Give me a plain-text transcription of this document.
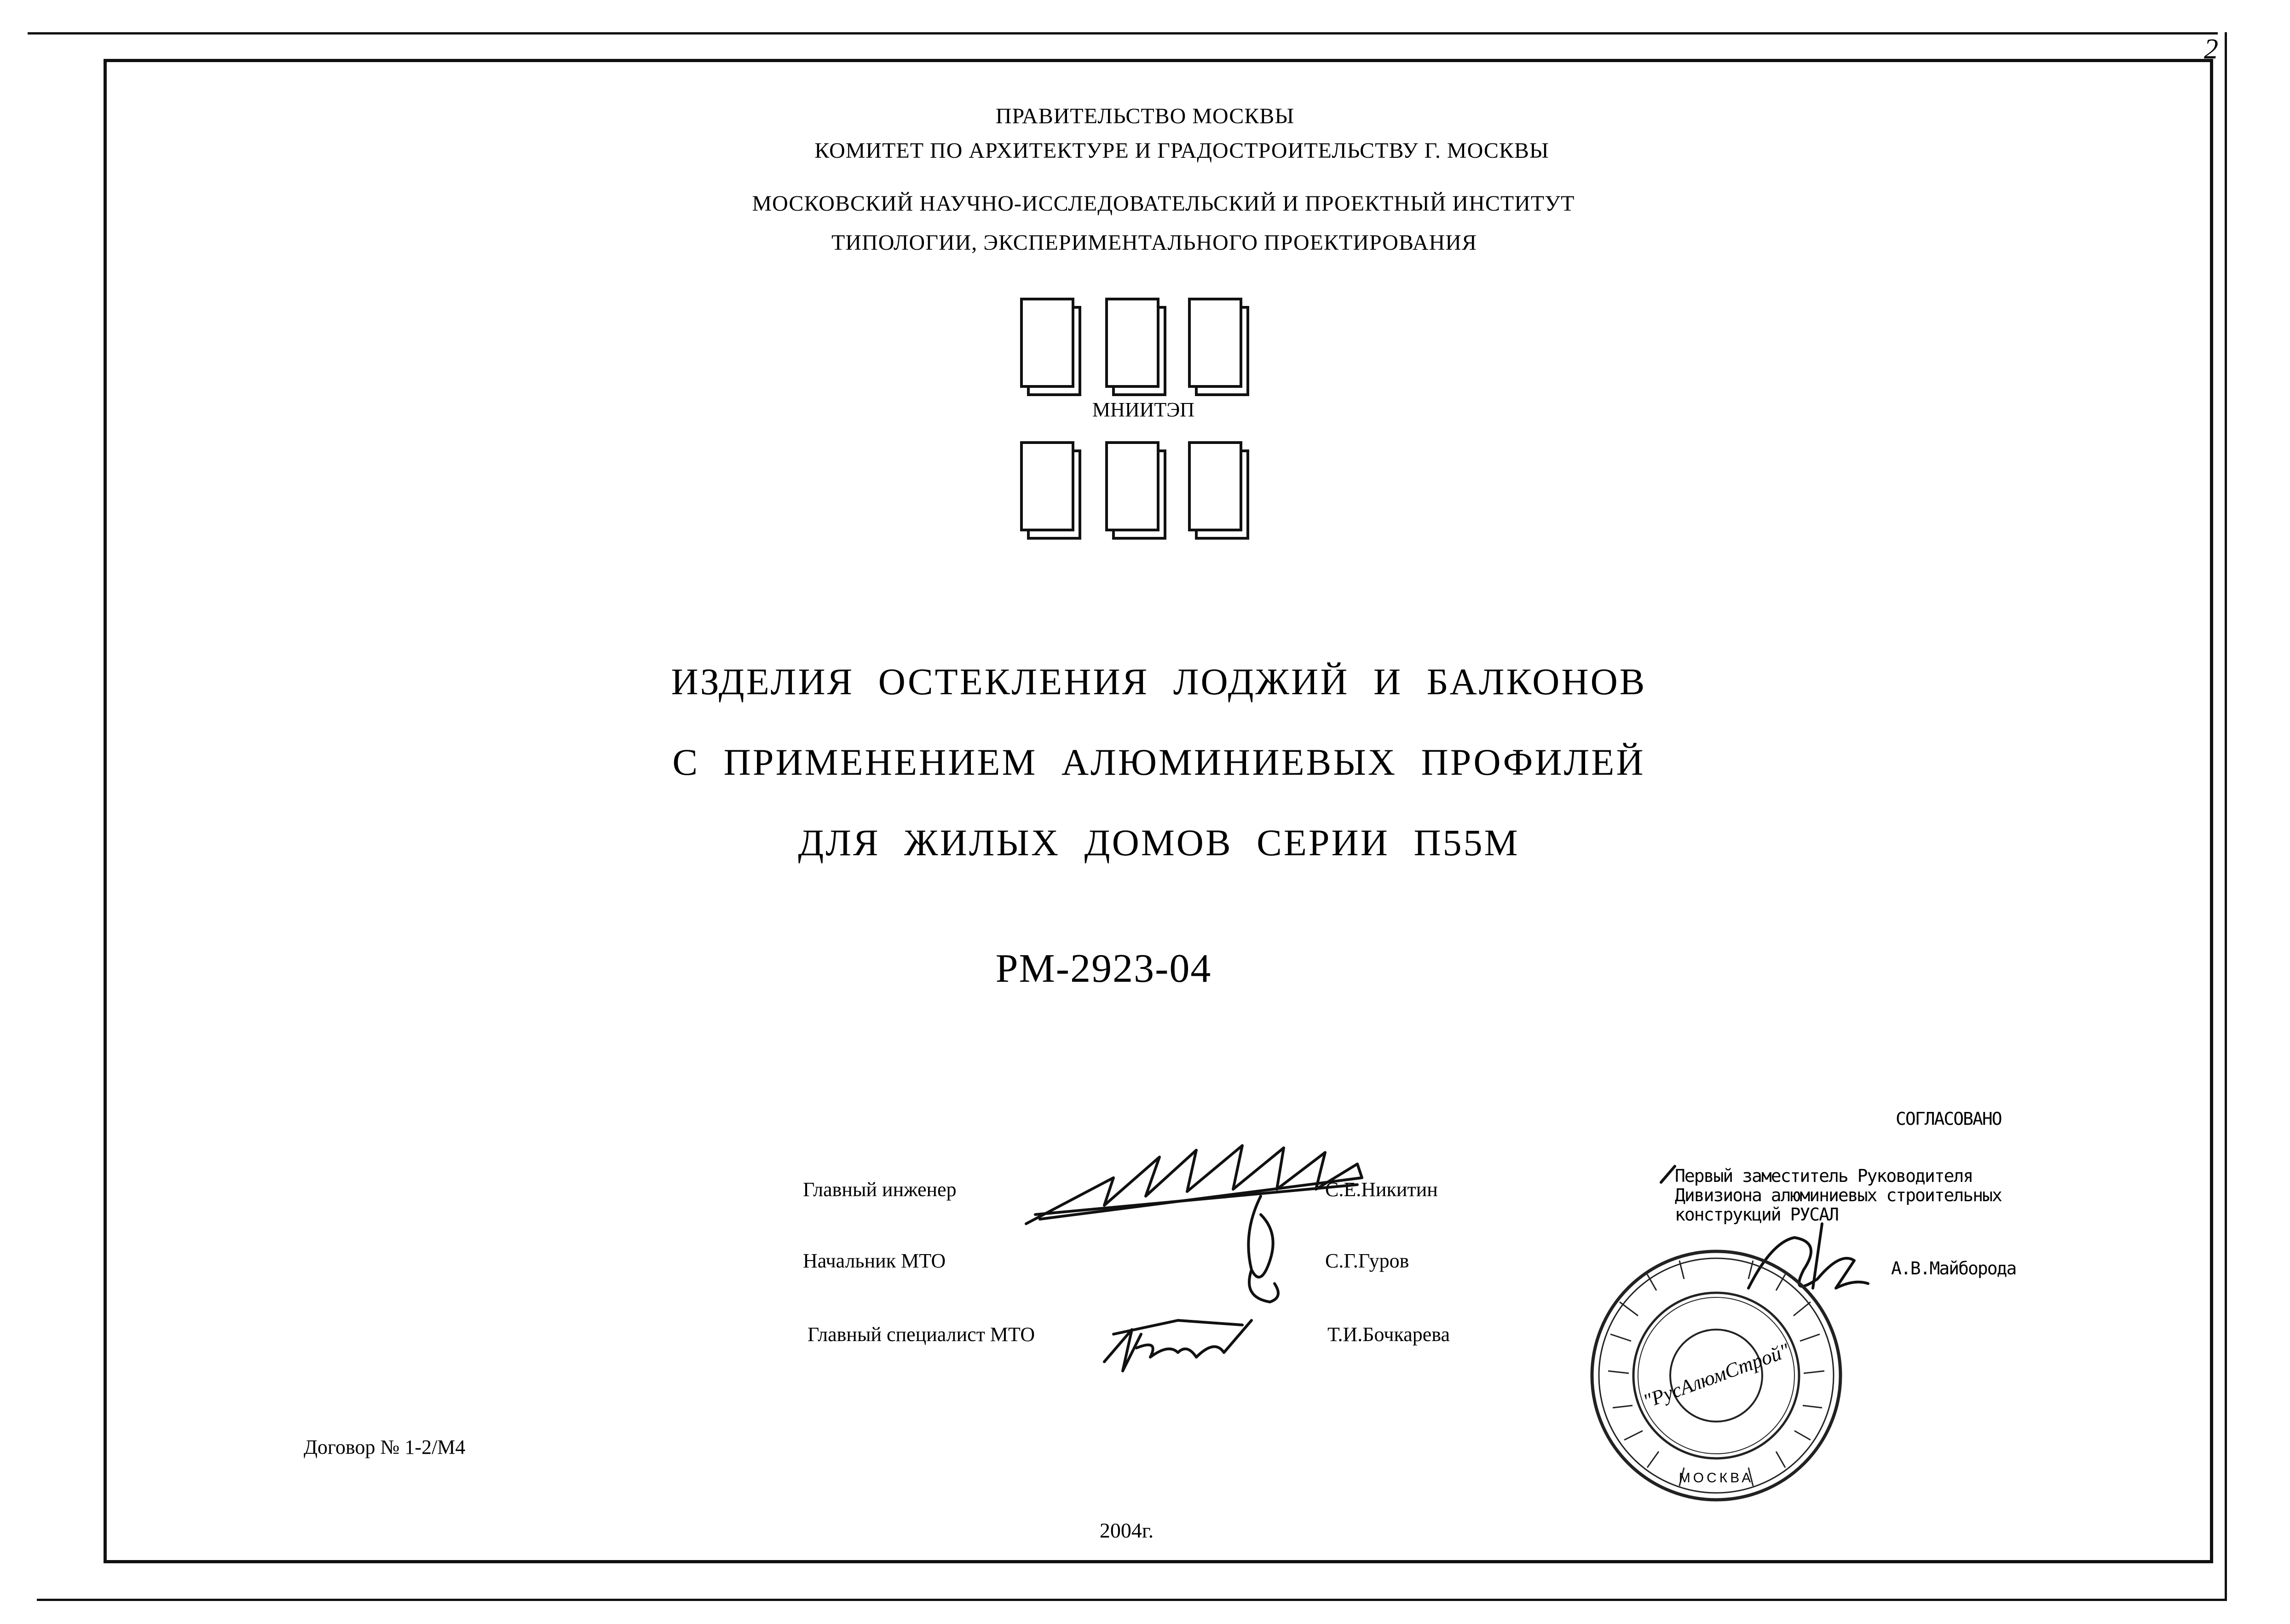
2
ПРАВИТЕЛЬСТВО МОСКВЫ
КОМИТЕТ ПО АРХИТЕКТУРЕ И ГРАДОСТРОИТЕЛЬСТВУ Г. МОСКВЫ
МОСКОВСКИЙ НАУЧНО-ИССЛЕДОВАТЕЛЬСКИЙ И ПРОЕКТНЫЙ ИНСТИТУТ
ТИПОЛОГИИ, ЭКСПЕРИМЕНТАЛЬНОГО ПРОЕКТИРОВАНИЯ
МНИИТЭП
ИЗДЕЛИЯ ОСТЕКЛЕНИЯ ЛОДЖИЙ И БАЛКОНОВ
С ПРИМЕНЕНИЕМ АЛЮМИНИЕВЫХ ПРОФИЛЕЙ
ДЛЯ ЖИЛЫХ ДОМОВ СЕРИИ П55М
РМ-2923-04
Главный инженер	С.Е.Никитин
Начальник МТО	С.Г.Гуров
Главный специалист МТО	Т.И.Бочкарева
СОГЛАСОВАНО
Первый заместитель Руководителя
Дивизиона алюминиевых строительных
конструкций РУСАЛ
А.В.Майборода
"РусАлюмСтрой"
МОСКВА
Договор № 1-2/М4
2004г.
